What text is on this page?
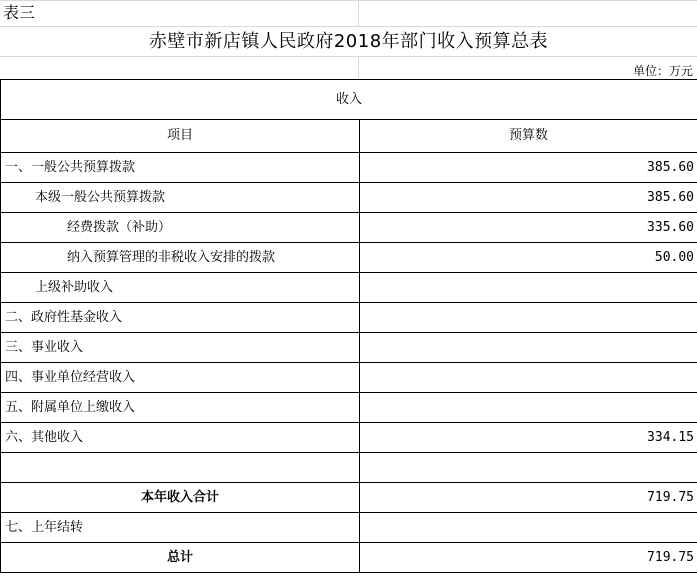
表三
赤壁市新店镇人民政府2018年部门收入预算总表
单位：万元
收入	
项目	预算数
一、一般公共预算拨款	385.60
本级一般公共预算拨款	385.60
经费拨款（补助）	335.60
纳入预算管理的非税收入安排的拨款	50.00
上级补助收入	
二、政府性基金收入	
三、事业收入	
四、事业单位经营收入	
五、附属单位上缴收入	
六、其他收入	334.15

本年收入合计	719.75
七、上年结转	
总计	719.75
